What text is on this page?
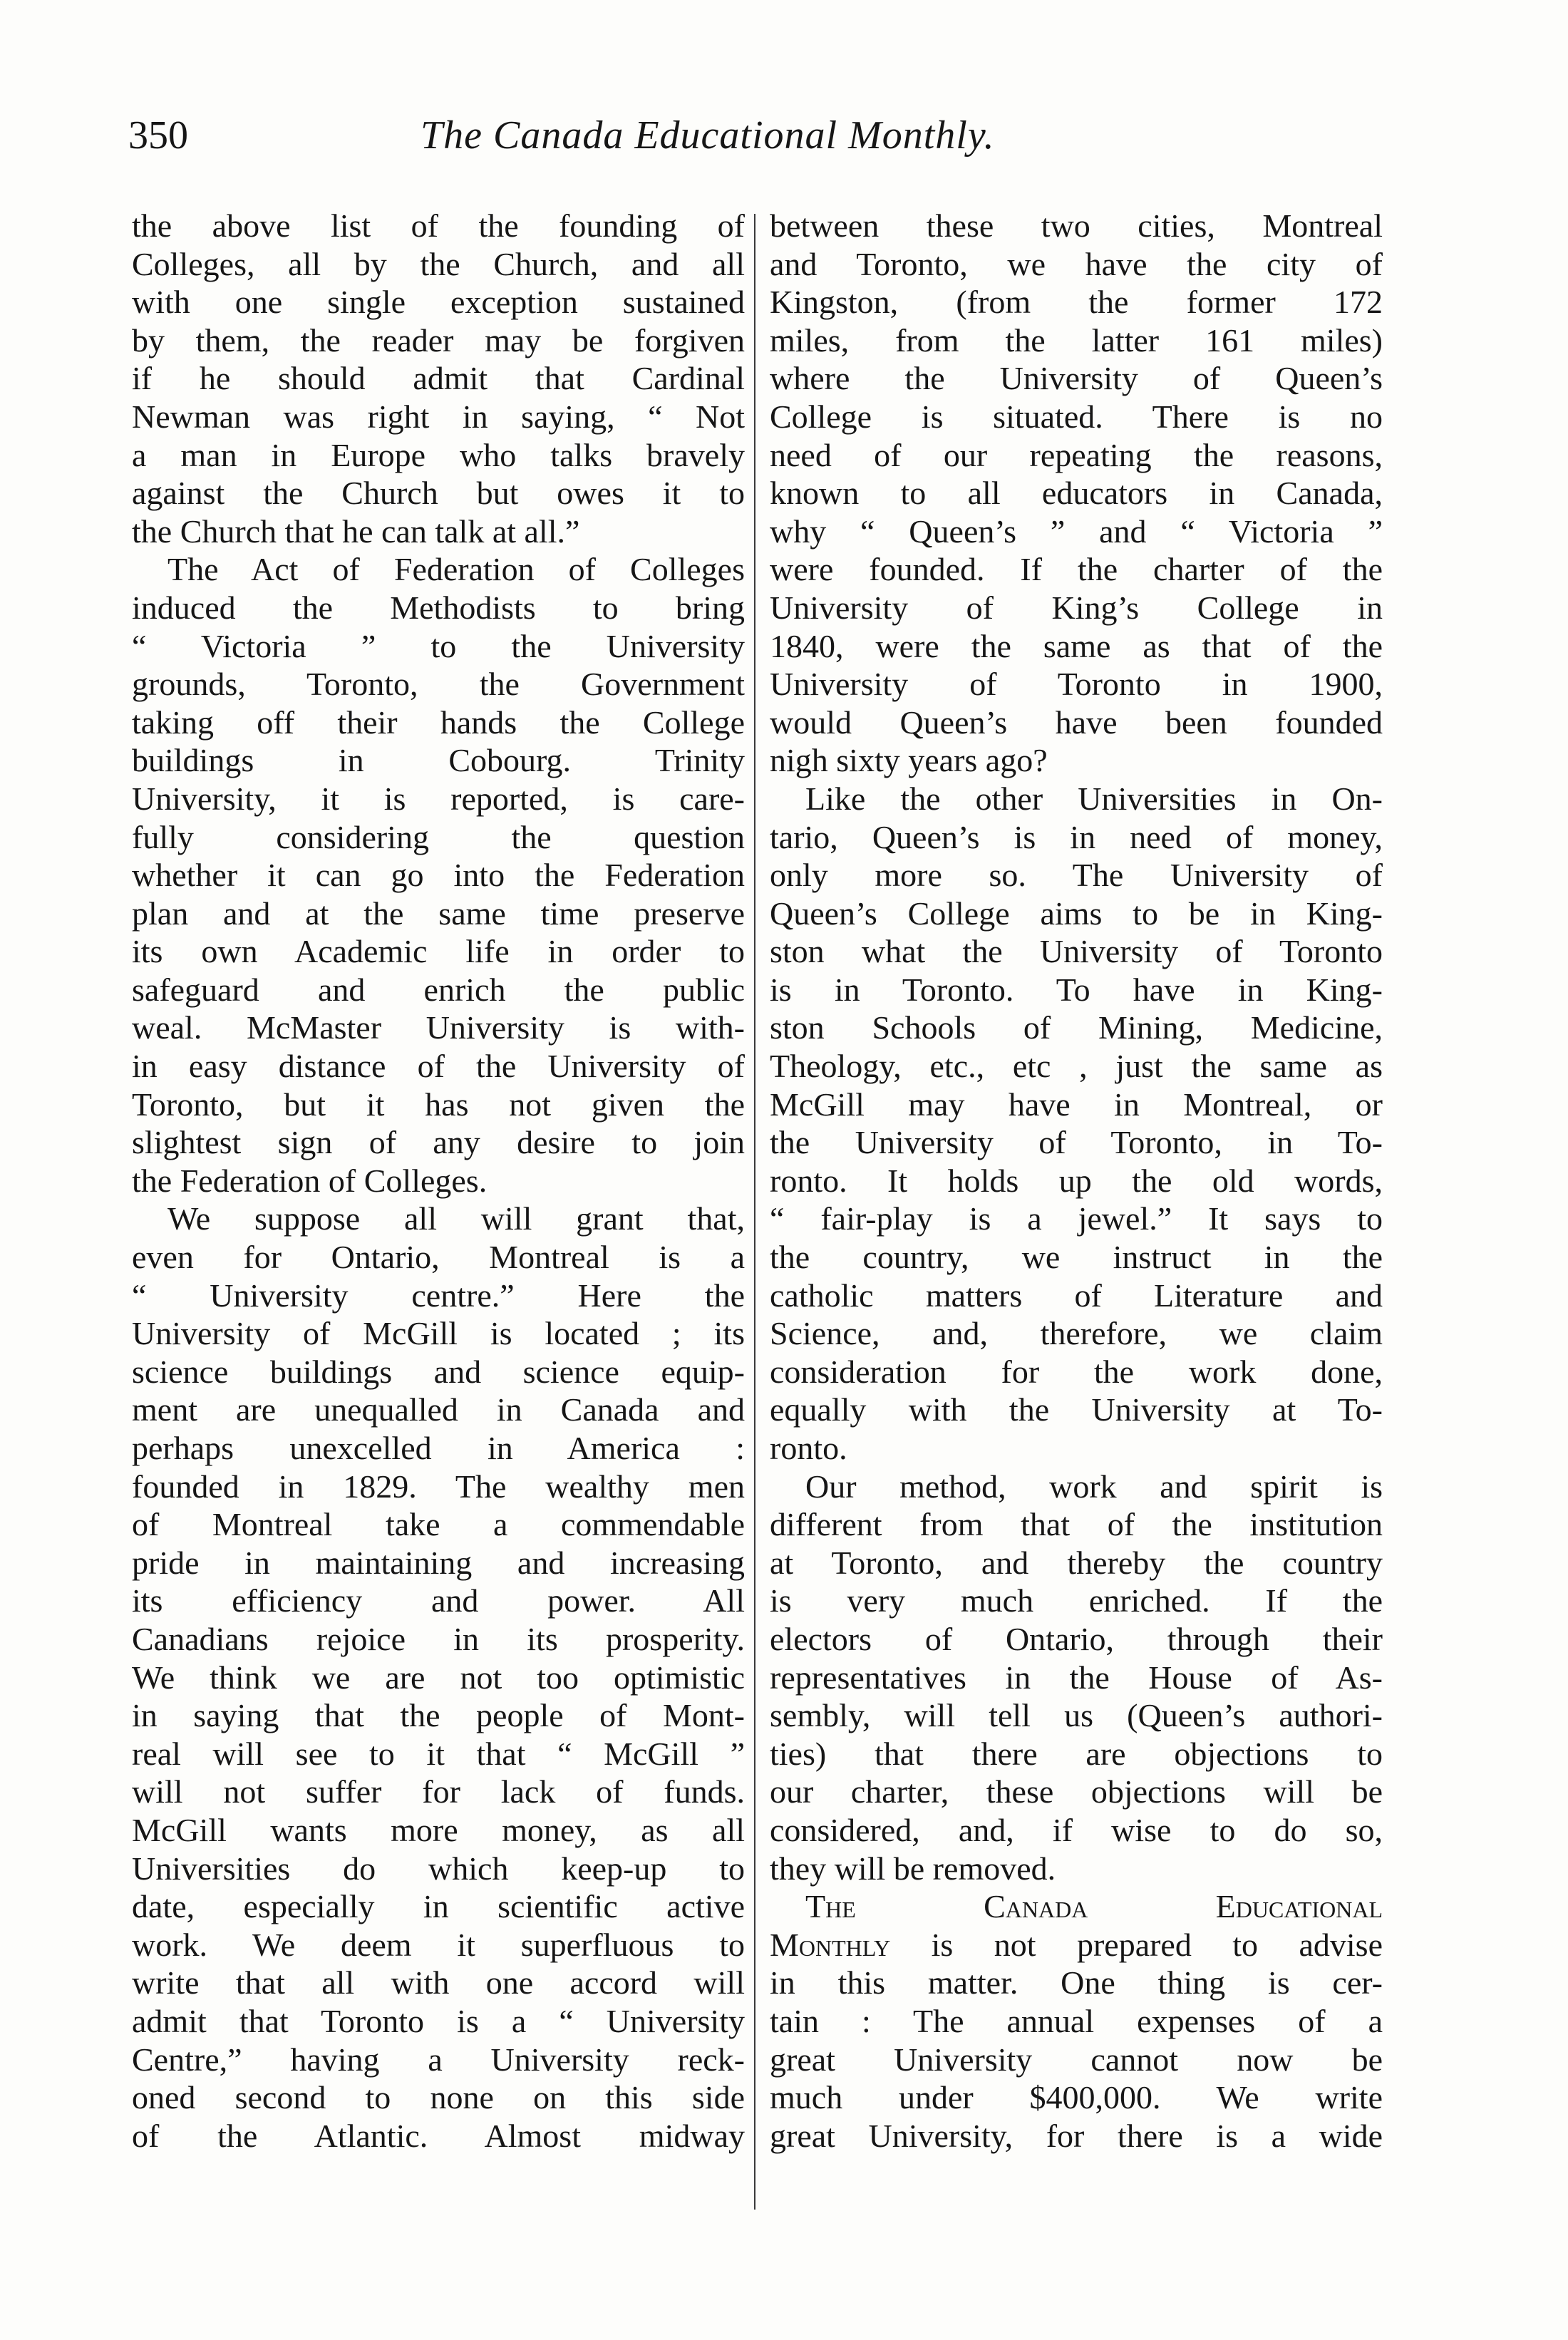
350	The Canada Educational Monthly.
the above list of the founding of
Colleges, all by the Church, and all
with one single exception sustained
by them, the reader may be forgiven
if he should admit that Cardinal
Newman was right in saying, “ Not
a man in Europe who talks bravely
against the Church but owes it to
the Church that he can talk at all.”
The Act of Federation of Colleges
induced the Methodists to bring
“ Victoria ” to the University
grounds, Toronto, the Government
taking off their hands the College
buildings in Cobourg. Trinity
University, it is reported, is care-
fully considering the question
whether it can go into the Federation
plan and at the same time preserve
its own Academic life in order to
safeguard and enrich the public
weal. McMaster University is with-
in easy distance of the University of
Toronto, but it has not given the
slightest sign of any desire to join
the Federation of Colleges.
We suppose all will grant that,
even for Ontario, Montreal is a
“ University centre.” Here the
University of McGill is located ; its
science buildings and science equip-
ment are unequalled in Canada and
perhaps unexcelled in America :
founded in 1829. The wealthy men
of Montreal take a commendable
pride in maintaining and increasing
its efficiency and power. All
Canadians rejoice in its prosperity.
We think we are not too optimistic
in saying that the people of Mont-
real will see to it that “ McGill ”
will not suffer for lack of funds.
McGill wants more money, as all
Universities do which keep-up to
date, especially in scientific active
work. We deem it superfluous to
write that all with one accord will
admit that Toronto is a “ University
Centre,” having a University reck-
oned second to none on this side
of the Atlantic. Almost midway
between these two cities, Montreal
and Toronto, we have the city of
Kingston, (from the former 172
miles, from the latter 161 miles)
where the University of Queen’s
College is situated. There is no
need of our repeating the reasons,
known to all educators in Canada,
why “ Queen’s ” and “ Victoria ”
were founded. If the charter of the
University of King’s College in
1840, were the same as that of the
University of Toronto in 1900,
would Queen’s have been founded
nigh sixty years ago?
Like the other Universities in On-
tario, Queen’s is in need of money,
only more so. The University of
Queen’s College aims to be in King-
ston what the University of Toronto
is in Toronto. To have in King-
ston Schools of Mining, Medicine,
Theology, etc., etc , just the same as
McGill may have in Montreal, or
the University of Toronto, in To-
ronto. It holds up the old words,
“ fair-play is a jewel.” It says to
the country, we instruct in the
catholic matters of Literature and
Science, and, therefore, we claim
consideration for the work done,
equally with the University at To-
ronto.
Our method, work and spirit is
different from that of the institution
at Toronto, and thereby the country
is very much enriched. If the
electors of Ontario, through their
representatives in the House of As-
sembly, will tell us (Queen’s authori-
ties) that there are objections to
our charter, these objections will be
considered, and, if wise to do so,
they will be removed.
The Canada Educational
Monthly is not prepared to advise
in this matter. One thing is cer-
tain : The annual expenses of a
great University cannot now be
much under $400,000. We write
great University, for there is a wide
